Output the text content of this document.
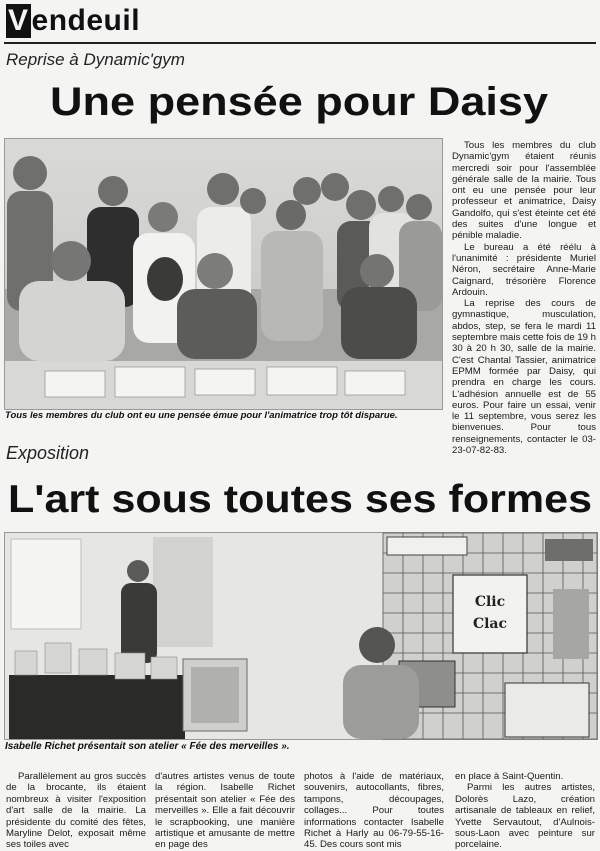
V endeuil
Reprise à Dynamic'gym
Une pensée pour Daisy
Tous les membres du club ont eu une pensée émue pour l'animatrice trop tôt disparue.

Tous les membres du club Dynamic'gym étaient réunis mercredi soir pour l'assemblée générale salle de la mairie. Tous ont eu une pensée pour leur professeur et animatrice, Daisy Gandolfo, qui s'est éteinte cet été des suites d'une longue et pénible maladie.

Le bureau a été réélu à l'unanimité : présidente Muriel Néron, secrétaire Anne-Marie Caignard, trésorière Florence Ardouin.

La reprise des cours de gymnastique, musculation, abdos, step, se fera le mardi 11 septembre mais cette fois de 19 h 30 à 20 h 30, salle de la mairie. C'est Chantal Tassier, animatrice EPMM formée par Daisy, qui prendra en charge les cours. L'adhésion annuelle est de 55 euros. Pour faire un essai, venir le 11 septembre, vous serez les bienvenues. Pour tous renseignements, contacter le 03-23-07-82-83.

Exposition
L'art sous toutes ses formes
Clic Clac
Isabelle Richet présentait son atelier « Fée des merveilles ».

Parallèlement au gros succès de la brocante, ils étaient nombreux à visiter l'exposition d'art salle de la mairie. La présidente du comité des fêtes, Maryline Delot, exposait même ses toiles avec

d'autres artistes venus de toute la région. Isabelle Richet présentait son atelier « Fée des merveilles ». Elle a fait découvrir le scrapbooking, une manière artistique et amusante de mettre en page des

photos à l'aide de matériaux, souvenirs, autocollants, fibres, tampons, découpages, collages... Pour toutes informations contacter Isabelle Richet à Harly au 06-79-55-16-45. Des cours sont mis

en place à Saint-Quentin.

Parmi les autres artistes, Dolorès Lazo, création artisanale de tableaux en relief, Yvette Servautout, d'Aulnois-sous-Laon avec peinture sur porcelaine.
